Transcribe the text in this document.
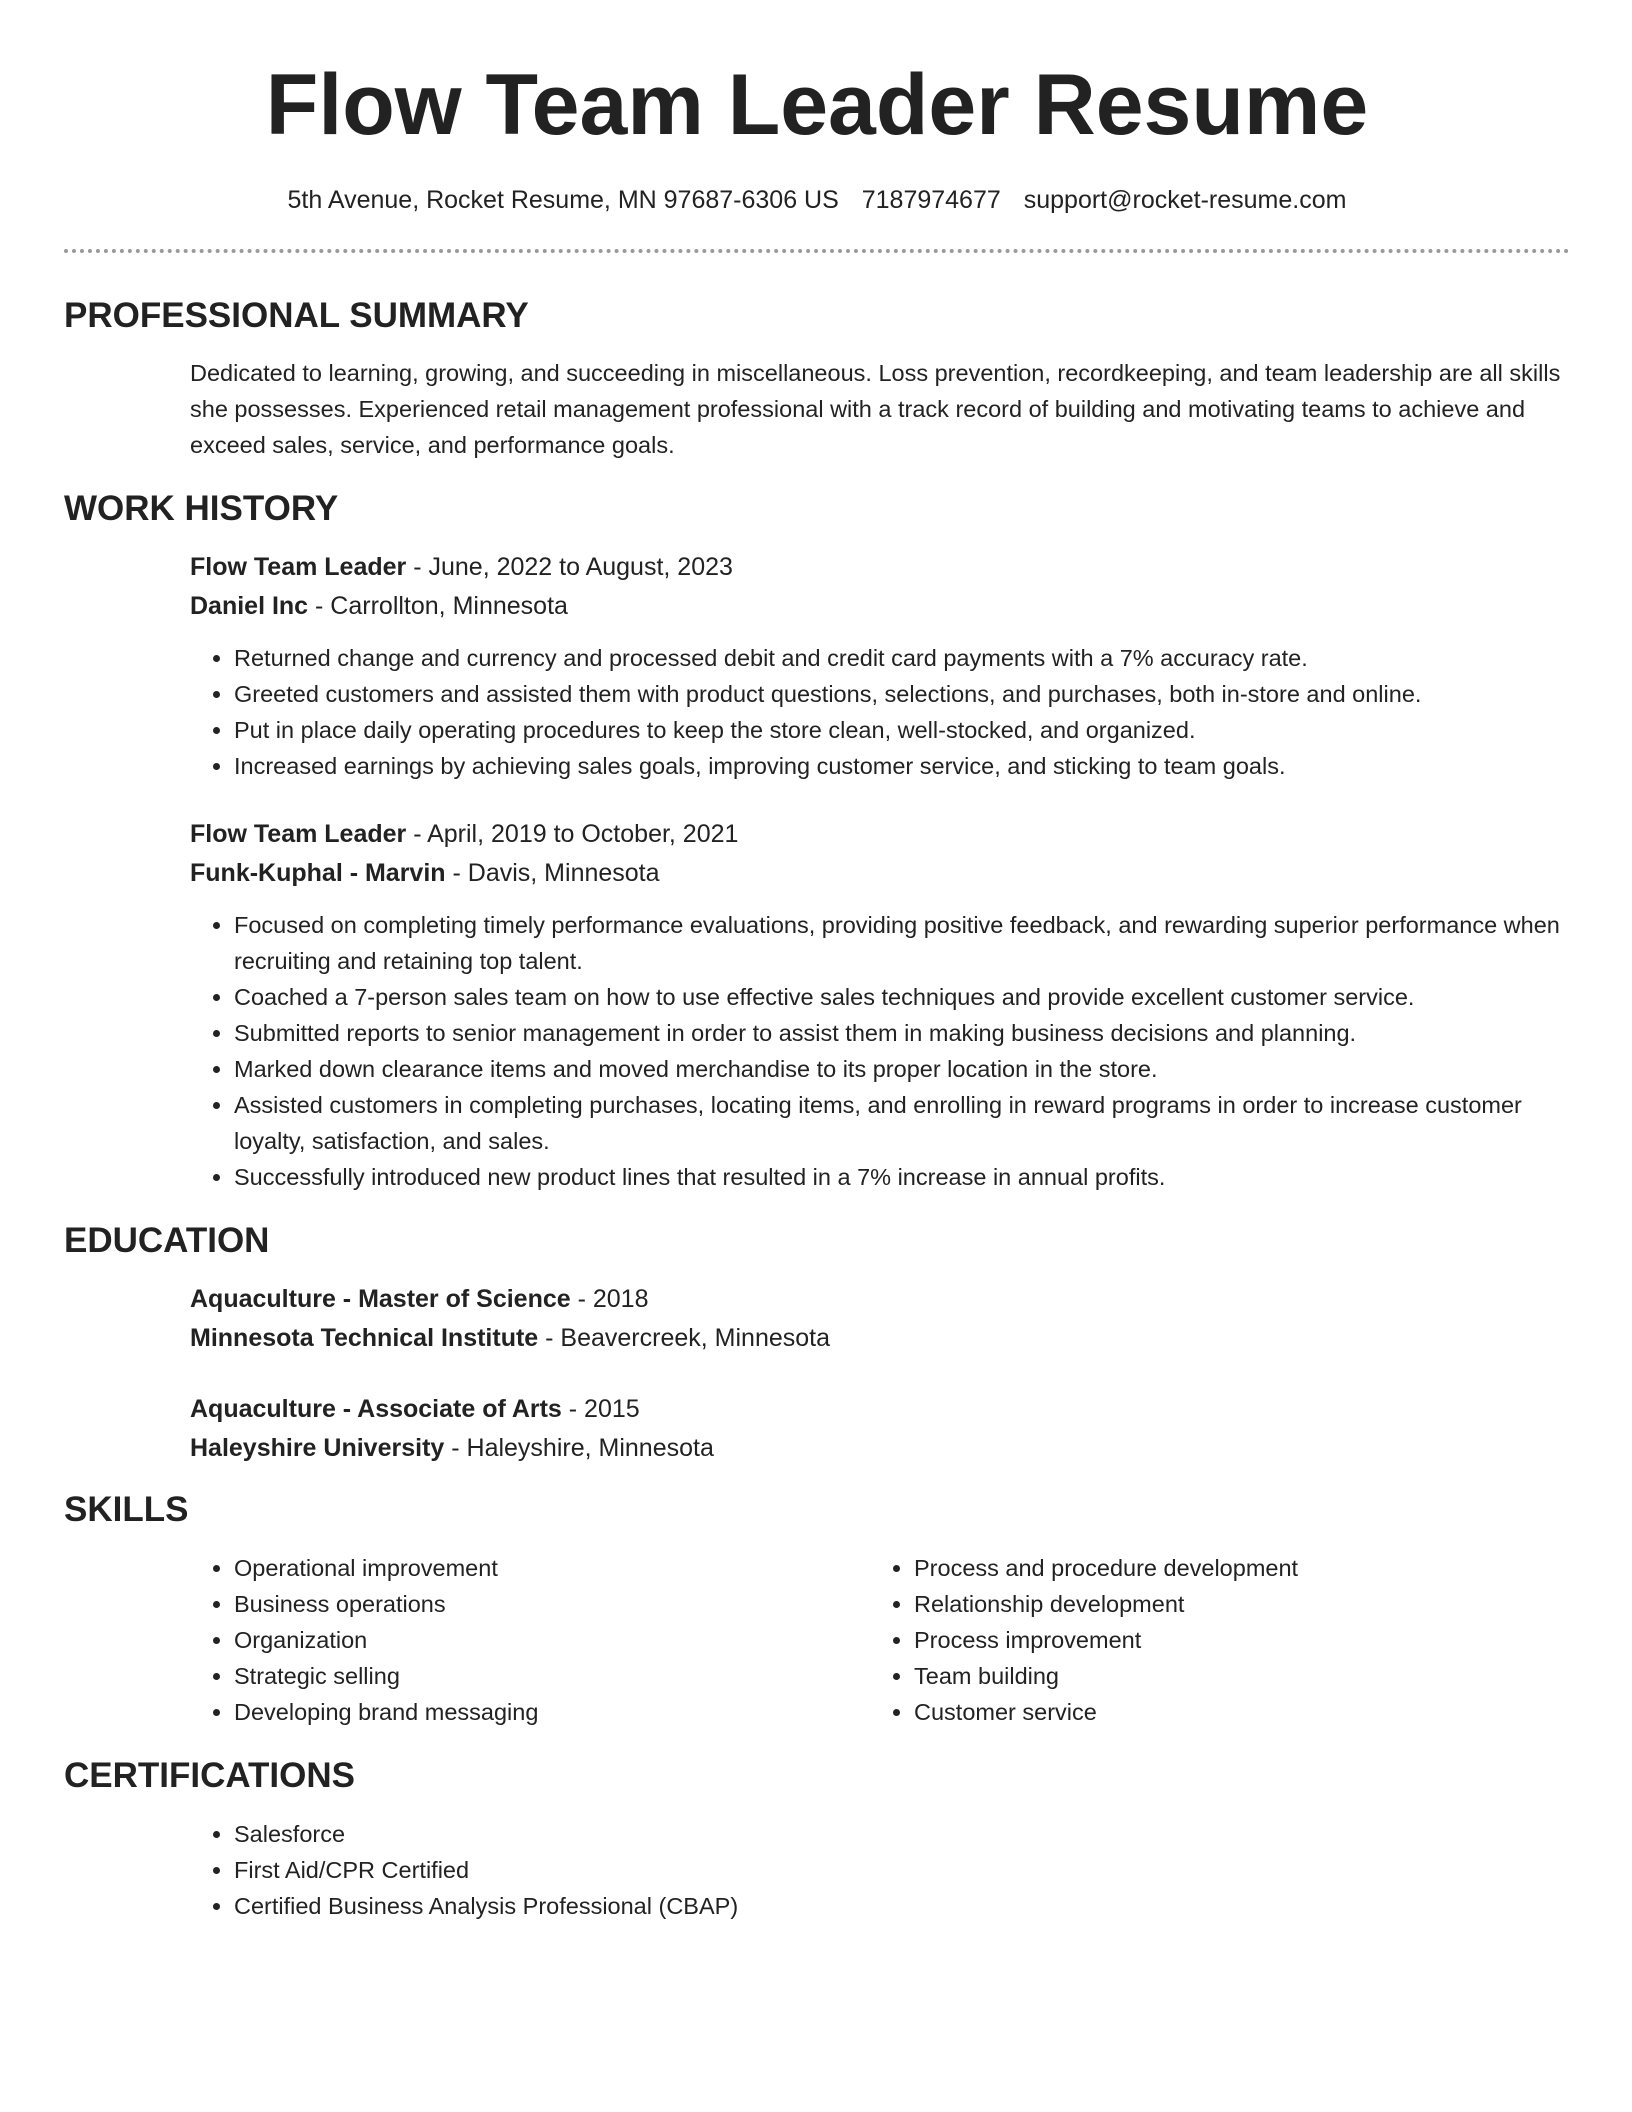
Flow Team Leader Resume
5th Avenue, Rocket Resume, MN 97687-6306 US 7187974677 support@rocket-resume.com
PROFESSIONAL SUMMARY

Dedicated to learning, growing, and succeeding in miscellaneous. Loss prevention, recordkeeping, and team leadership are all skills she possesses. Experienced retail management professional with a track record of building and motivating teams to achieve and exceed sales, service, and performance goals.

WORK HISTORY

Flow Team Leader - June, 2022 to August, 2023

Daniel Inc - Carrollton, Minnesota

• Returned change and currency and processed debit and credit card payments with a 7% accuracy rate.
• Greeted customers and assisted them with product questions, selections, and purchases, both in-store and online.
• Put in place daily operating procedures to keep the store clean, well-stocked, and organized.
• Increased earnings by achieving sales goals, improving customer service, and sticking to team goals.

Flow Team Leader - April, 2019 to October, 2021

Funk-Kuphal - Marvin - Davis, Minnesota

• Focused on completing timely performance evaluations, providing positive feedback, and rewarding superior performance when recruiting and retaining top talent.
• Coached a 7-person sales team on how to use effective sales techniques and provide excellent customer service.
• Submitted reports to senior management in order to assist them in making business decisions and planning.
• Marked down clearance items and moved merchandise to its proper location in the store.
• Assisted customers in completing purchases, locating items, and enrolling in reward programs in order to increase customer loyalty, satisfaction, and sales.
• Successfully introduced new product lines that resulted in a 7% increase in annual profits.
EDUCATION

Aquaculture - Master of Science - 2018

Minnesota Technical Institute - Beavercreek, Minnesota

Aquaculture - Associate of Arts - 2015

Haleyshire University - Haleyshire, Minnesota

SKILLS
• Operational improvement
• Business operations
• Organization
• Strategic selling
• Developing brand messaging
• Process and procedure development
• Relationship development
• Process improvement
• Team building
• Customer service
CERTIFICATIONS
• Salesforce
• First Aid/CPR Certified
• Certified Business Analysis Professional (CBAP)
